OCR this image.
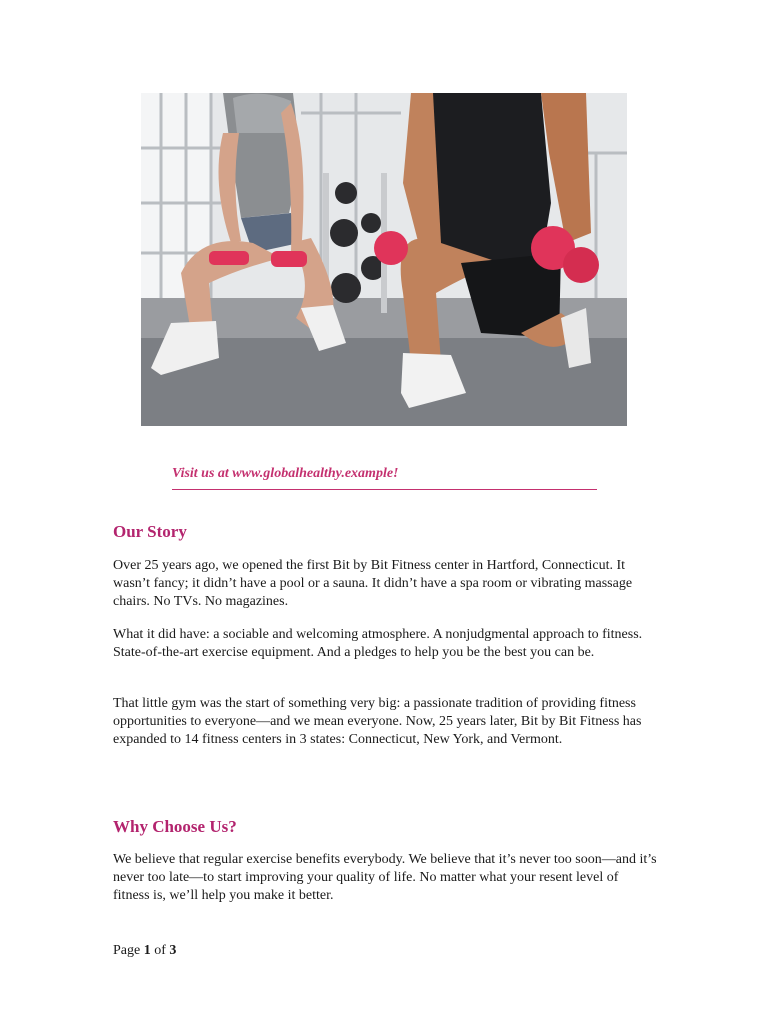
Visit us at www.globalhealthy.example!
Our Story

Over 25 years ago, we opened the first Bit by Bit Fitness center in Hartford, Connecticut. It wasn’t fancy; it didn’t have a pool or a sauna. It didn’t have a spa room or vibrating massage chairs. No TVs. No magazines.

What it did have: a sociable and welcoming atmosphere. A nonjudgmental approach to fitness. State-of-the-art exercise equipment. And a pledges to help you be the best you can be.

That little gym was the start of something very big: a passionate tradition of providing fitness opportunities to everyone—and we mean everyone. Now, 25 years later, Bit by Bit Fitness has expanded to 14 fitness centers in 3 states: Connecticut, New York, and Vermont.

Why Choose Us?

We believe that regular exercise benefits everybody. We believe that it’s never too soon—and it’s never too late—to start improving your quality of life. No matter what your resent level of fitness is, we’ll help you make it better.

Page 1 of 3
